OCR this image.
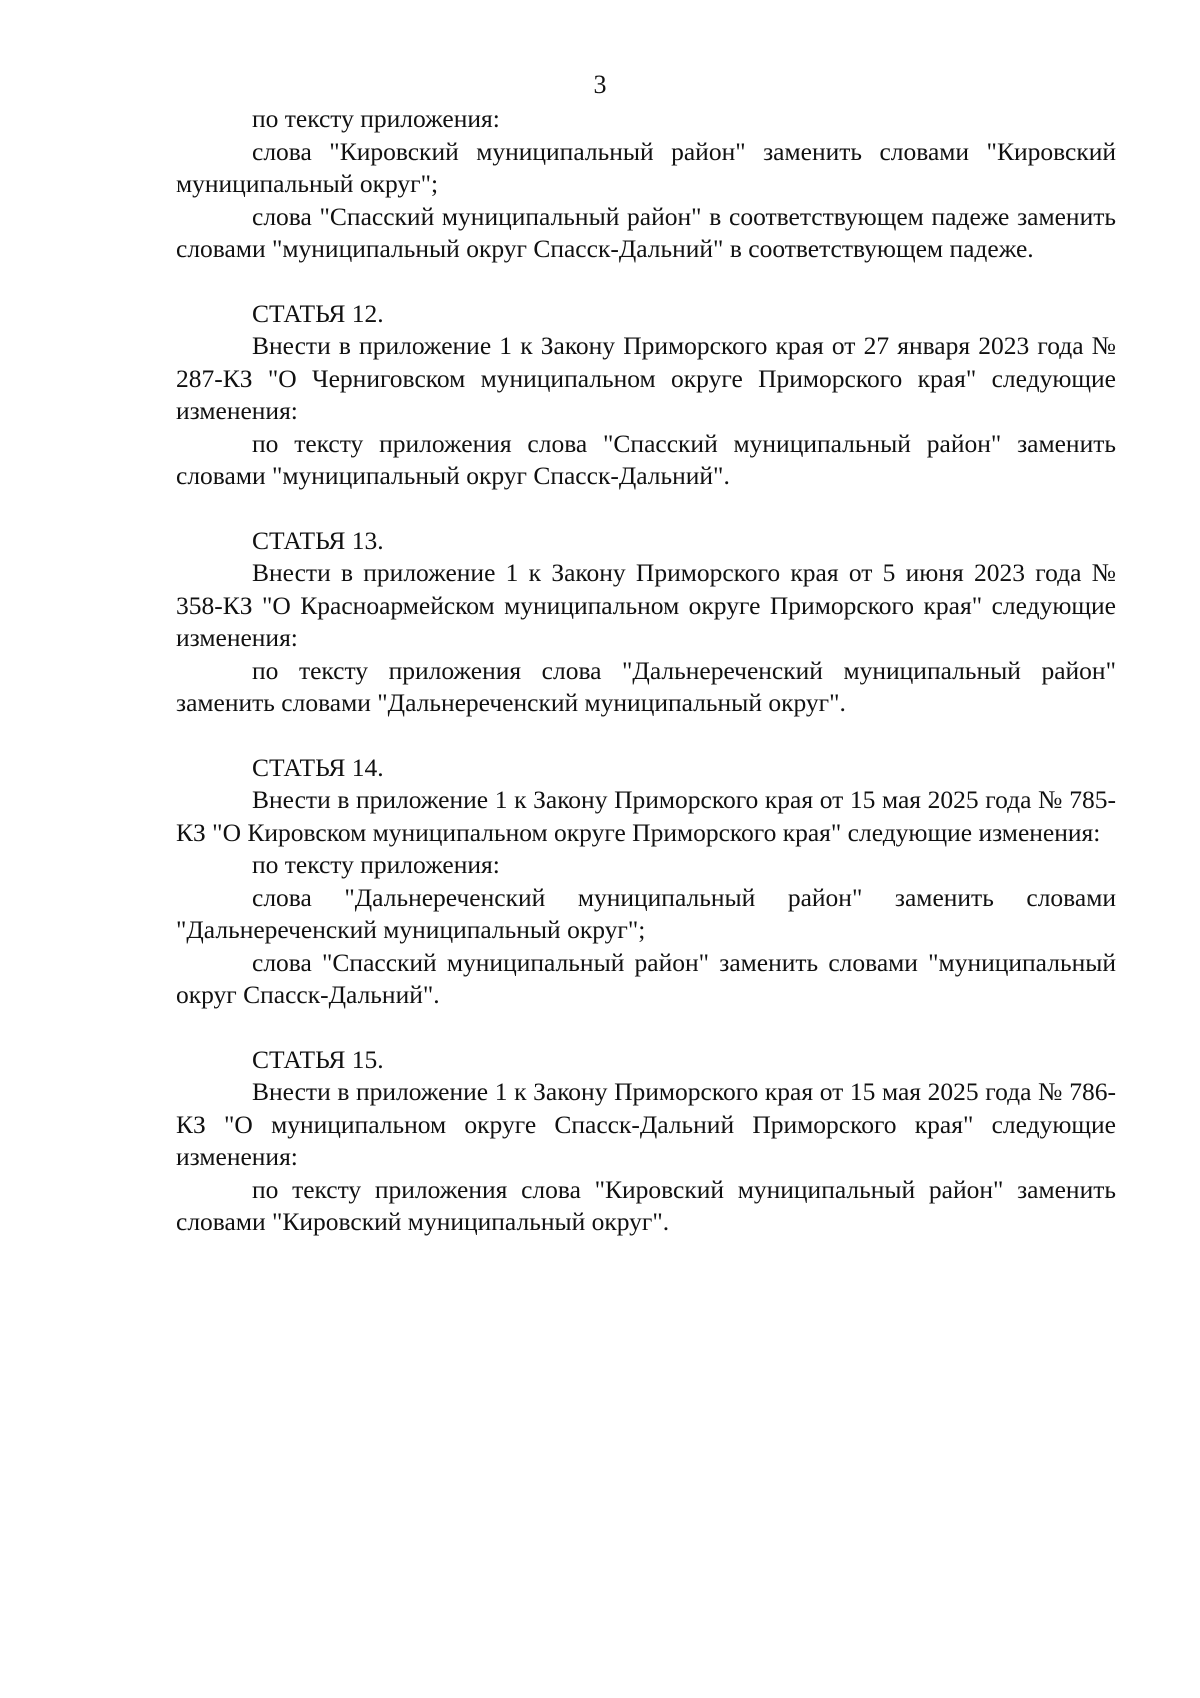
3

по тексту приложения:

слова "Кировский муниципальный район" заменить словами "Кировский муниципальный округ";

слова "Спасский муниципальный район" в соответствующем падеже заменить словами "муниципальный округ Спасск-Дальний" в соответствующем падеже.

СТАТЬЯ 12.

Внести в приложение 1 к Закону Приморского края от 27 января 2023 года № 287-КЗ "О Черниговском муниципальном округе Приморского края" следующие изменения:

по тексту приложения слова "Спасский муниципальный район" заменить словами "муниципальный округ Спасск-Дальний".

СТАТЬЯ 13.

Внести в приложение 1 к Закону Приморского края от 5 июня 2023 года № 358-КЗ "О Красноармейском муниципальном округе Приморского края" следующие изменения:

по тексту приложения слова "Дальнереченский муниципальный район" заменить словами "Дальнереченский муниципальный округ".

СТАТЬЯ 14.

Внести в приложение 1 к Закону Приморского края от 15 мая 2025 года № 785-КЗ "О Кировском муниципальном округе Приморского края" следующие изменения:

по тексту приложения:

слова "Дальнереченский муниципальный район" заменить словами "Дальнереченский муниципальный округ";

слова "Спасский муниципальный район" заменить словами "муниципальный округ Спасск-Дальний".

СТАТЬЯ 15.

Внести в приложение 1 к Закону Приморского края от 15 мая 2025 года № 786-КЗ "О муниципальном округе Спасск-Дальний Приморского края" следующие изменения:

по тексту приложения слова "Кировский муниципальный район" заменить словами "Кировский муниципальный округ".
